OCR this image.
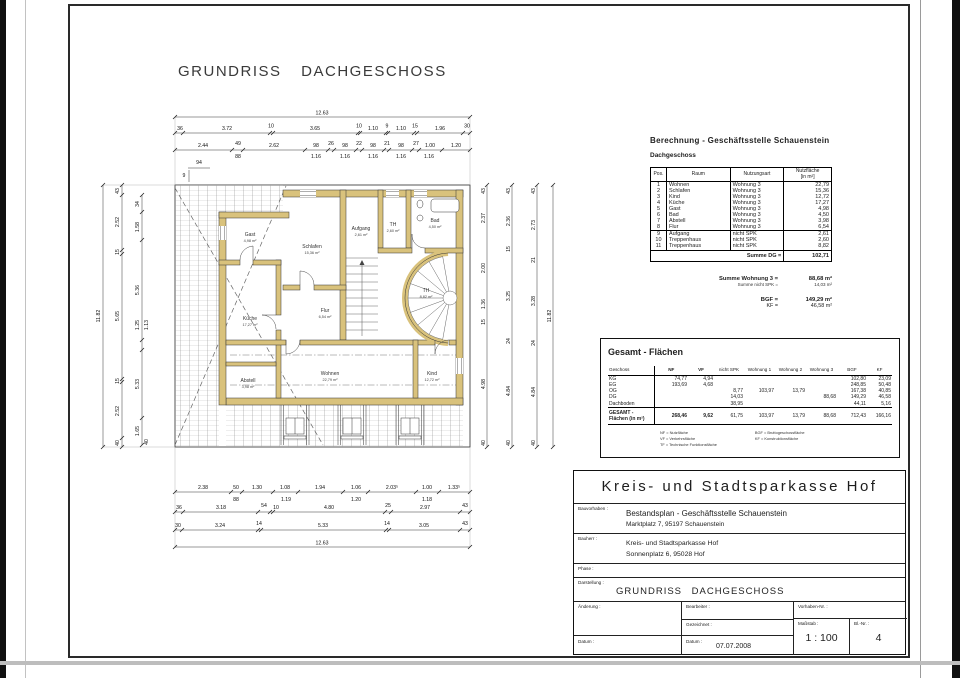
GRUNDRISS DACHGESCHOSS
Gast
4,98 m²
Schlafen
15,36 m²
Aufgang
2,61 m²
TH
2,60 m²
Bad
4,50 m²
Küche
17,27 m²
Flur
6,54 m²
TH
8,82 m²
Wohnen
22,79 m²
Kind
12,72 m²
Abstell
3,98 m²
12.63
36	3.72	10	3.65	10 1.10 9 1.10 15	1.96	30
2.44	49	2.62	98 26 98 22 98 21 98 27 1.00	1.20
88	1.16	1.16	1.16	1.16	1.16
94
9
11.82
43
2.52
15
5.65
15
2.52
40
34
1.58
5.36
1.25 1.13
5.33
1.65
40
43
2.37
2.00
1.36
15
4.98
40
43
2.36
15
3.25
24
4.84
40
43
2.73
21
3.28
24
4.84
40
11.82
2.38	50	1.30	1.08	1.94	1.06	2.03⁵	1.00	1.33⁵
88	1.19	1.20	1.18
36	3.18	54 10	4.80	25	2.97	43
30	3.24	14	5.33	14	3.05	43
12.63
Berechnung - Geschäftsstelle Schauenstein
Dachgeschoss
Pos.	Raum	Nutzungsart	Nutzfläche
[in m²]

1	Wohnen	Wohnung 3	22,79
2	Schlafen	Wohnung 3	15,36
3	Kind	Wohnung 3	12,72
4	Küche	Wohnung 3	17,27
5	Gast	Wohnung 3	4,98
6	Bad	Wohnung 3	4,50
7	Abstell	Wohnung 3	3,98
8	Flur	Wohnung 3	6,54
9	Aufgang	nicht SPK	2,61
10	Treppenhaus	nicht SPK	2,60
11	Treppenhaus	nicht SPK	8,82
Summe DG =			102,71
Summe Wohnung 3 =	88,68 m²
Summe nicht SPK =	14,03 m²
BGF =	149,29 m²
KF =	46,58 m²
Gesamt - Flächen
Geschoss	NF	VF	nicht SPK	Wohnung 1	Wohnung 2	Wohnung 3	BGF	KF
KG	74,77	4,94					102,80	23,09
EG	193,69	4,68					248,85	50,48
OG			8,77	103,97	13,79		167,38	40,85
DG			14,03			88,68	149,29	46,58
Dachboden			38,95				44,11	5,16
GESAMT - Flächen (in m²)	268,46	9,62	61,75	103,97	13,79	88,68	712,43	166,16
NF = Nutzfläche
VF = Verkehrsfläche
TF = Technische Funktionsfläche
BGF = Bruttogeschossfläche
KF = Konstruktionsfläche
Kreis- und Stadtsparkasse Hof
Bauvorhaben :
Bestandsplan - Geschäftsstelle Schauenstein
Marktplatz 7, 95197 Schauenstein
Bauherr :
Kreis- und Stadtsparkasse Hof
Sonnenplatz 6, 95028 Hof
Phase :
Darstellung :
GRUNDRISS DACHGESCHOSS
Änderung :
Datum :
Bearbeiter :
Gezeichnet :
Datum :
07.07.2008
Vorhaben-Nr. :
Maßstab :
1 : 100
Bl.-Nr. :
4
